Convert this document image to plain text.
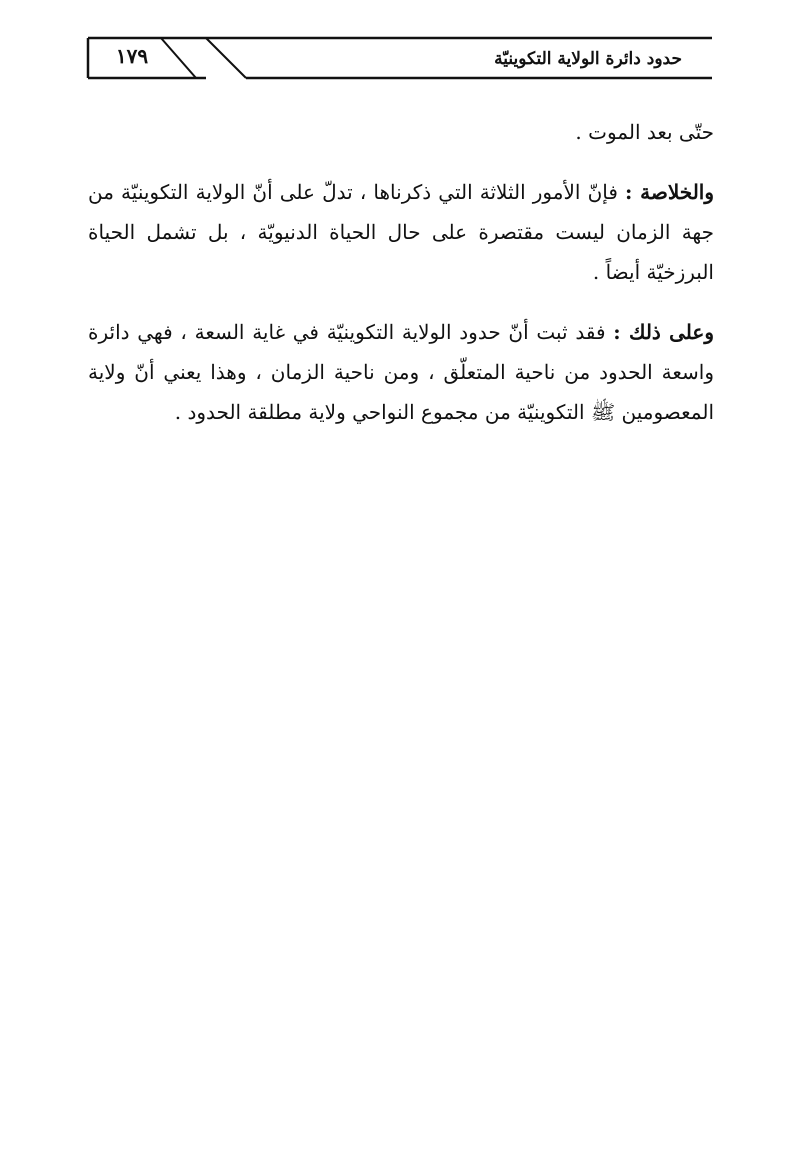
١٧٩	حدود دائرة الولاية التكوينيّة

حتّى بعد الموت .

والخلاصة : فإنّ الأمور الثلاثة التي ذكرناها ، تدلّ على أنّ الولاية التكوينيّة من جهة الزمان ليست مقتصرة على حال الحياة الدنيويّة ، بل تشمل الحياة البرزخيّة أيضاً .

وعلى ذلك : فقد ثبت أنّ حدود الولاية التكوينيّة في غاية السعة ، فهي دائرة واسعة الحدود من ناحية المتعلّق ، ومن ناحية الزمان ، وهذا يعني أنّ ولاية المعصومين ﷺ التكوينيّة من مجموع النواحي ولاية مطلقة الحدود .
